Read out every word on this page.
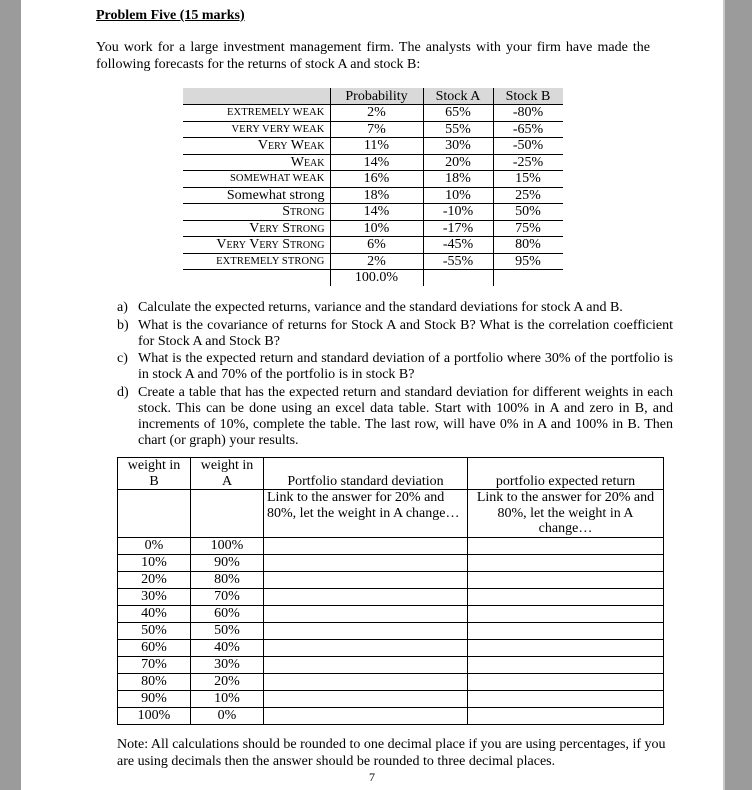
Problem Five (15 marks)
You work for a large investment management firm. The analysts with your firm have made the following forecasts for the returns of stock A and stock B:
	Probability	Stock A	Stock B
EXTREMELY WEAK	2%	65%	-80%
VERY VERY WEAK	7%	55%	-65%
Very Weak	11%	30%	-50%
Weak	14%	20%	-25%
SOMEWHAT WEAK	16%	18%	15%
Somewhat strong	18%	10%	25%
Strong	14%	-10%	50%
Very Strong	10%	-17%	75%
Very Very Strong	6%	-45%	80%
EXTREMELY STRONG	2%	-55%	95%
	100.0%		
a) Calculate the expected returns, variance and the standard deviations for stock A and B.
b) What is the covariance of returns for Stock A and Stock B? What is the correlation coefficient for Stock A and Stock B?
c) What is the expected return and standard deviation of a portfolio where 30% of the portfolio is in stock A and 70% of the portfolio is in stock B?
d) Create a table that has the expected return and standard deviation for different weights in each stock. This can be done using an excel data table. Start with 100% in A and zero in B, and increments of 10%, complete the table. The last row, will have 0% in A and 100% in B. Then chart (or graph) your results.
weight in
B

weight in
A	Portfolio standard deviation	portfolio expected return
		Link to the answer for 20% and 80%, let the weight in A change…	Link to the answer for 20% and 80%, let the weight in A change…
0%	100%		
10%	90%		
20%	80%		
30%	70%		
40%	60%		
50%	50%		
60%	40%		
70%	30%		
80%	20%		
90%	10%		
100%	0%		
Note: All calculations should be rounded to one decimal place if you are using percentages, if you are using decimals then the answer should be rounded to three decimal places.
7
